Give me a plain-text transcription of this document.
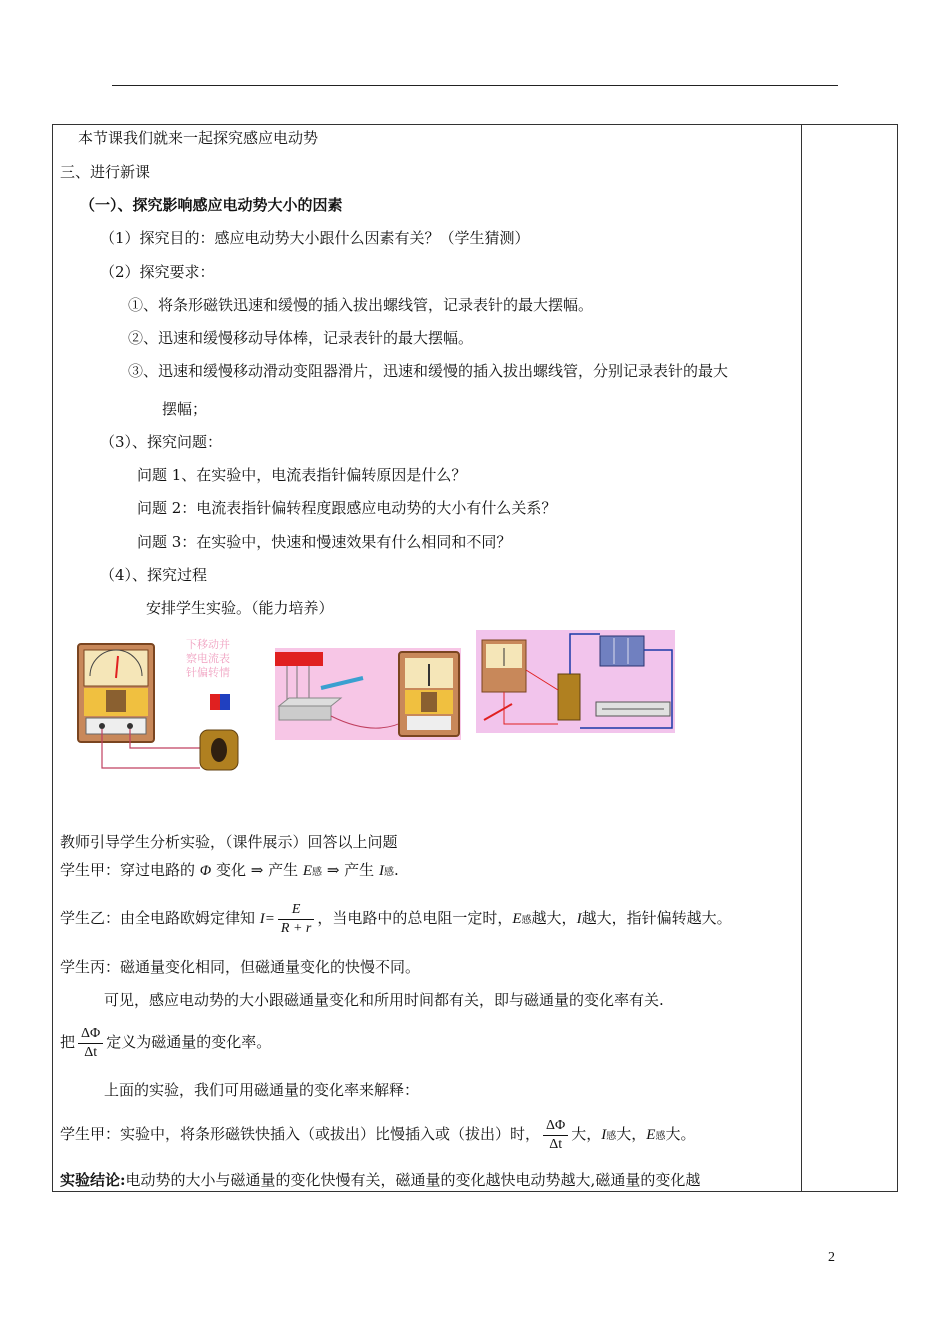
本节课我们就来一起探究感应电动势
三、进行新课
（一）、探究影响感应电动势大小的因素
（1）探究目的：感应电动势大小跟什么因素有关？（学生猜测）
（2）探究要求：
①、将条形磁铁迅速和缓慢的插入拔出螺线管，记录表针的最大摆幅。
②、迅速和缓慢移动导体棒，记录表针的最大摆幅。
③、迅速和缓慢移动滑动变阻器滑片，迅速和缓慢的插入拔出螺线管，分别记录表针的最大
摆幅；
（3）、探究问题：
问题 1、在实验中，电流表指针偏转原因是什么？
问题 2：电流表指针偏转程度跟感应电动势的大小有什么关系？
问题 3：在实验中，快速和慢速效果有什么相同和不同？
（4）、探究过程
安排学生实验。（能力培养）
下移动并
察电流表
针偏转情
教师引导学生分析实验，（课件展示）回答以上问题
学生甲：穿过电路的 Φ 变化 ⇒ 产生 E感 ⇒ 产生 I感.
学生乙：由全电路欧姆定律知 $I= \frac{E}{R + r}$ ，当电路中的总电阻一定时，E感越大，I越大，指针偏转越大。
学生丙：磁通量变化相同，但磁通量变化的快慢不同。
可见，感应电动势的大小跟磁通量变化和所用时间都有关，即与磁通量的变化率有关.
把 $\frac{\Delta\Phi}{\Delta t}$ 定义为磁通量的变化率。
上面的实验，我们可用磁通量的变化率来解释：
学生甲：实验中，将条形磁铁快插入（或拔出）比慢插入或（拔出）时， $\frac{\Delta\Phi}{\Delta t}$ 大，I感大，E感大。
实验结论:电动势的大小与磁通量的变化快慢有关，磁通量的变化越快电动势越大,磁通量的变化越
2
